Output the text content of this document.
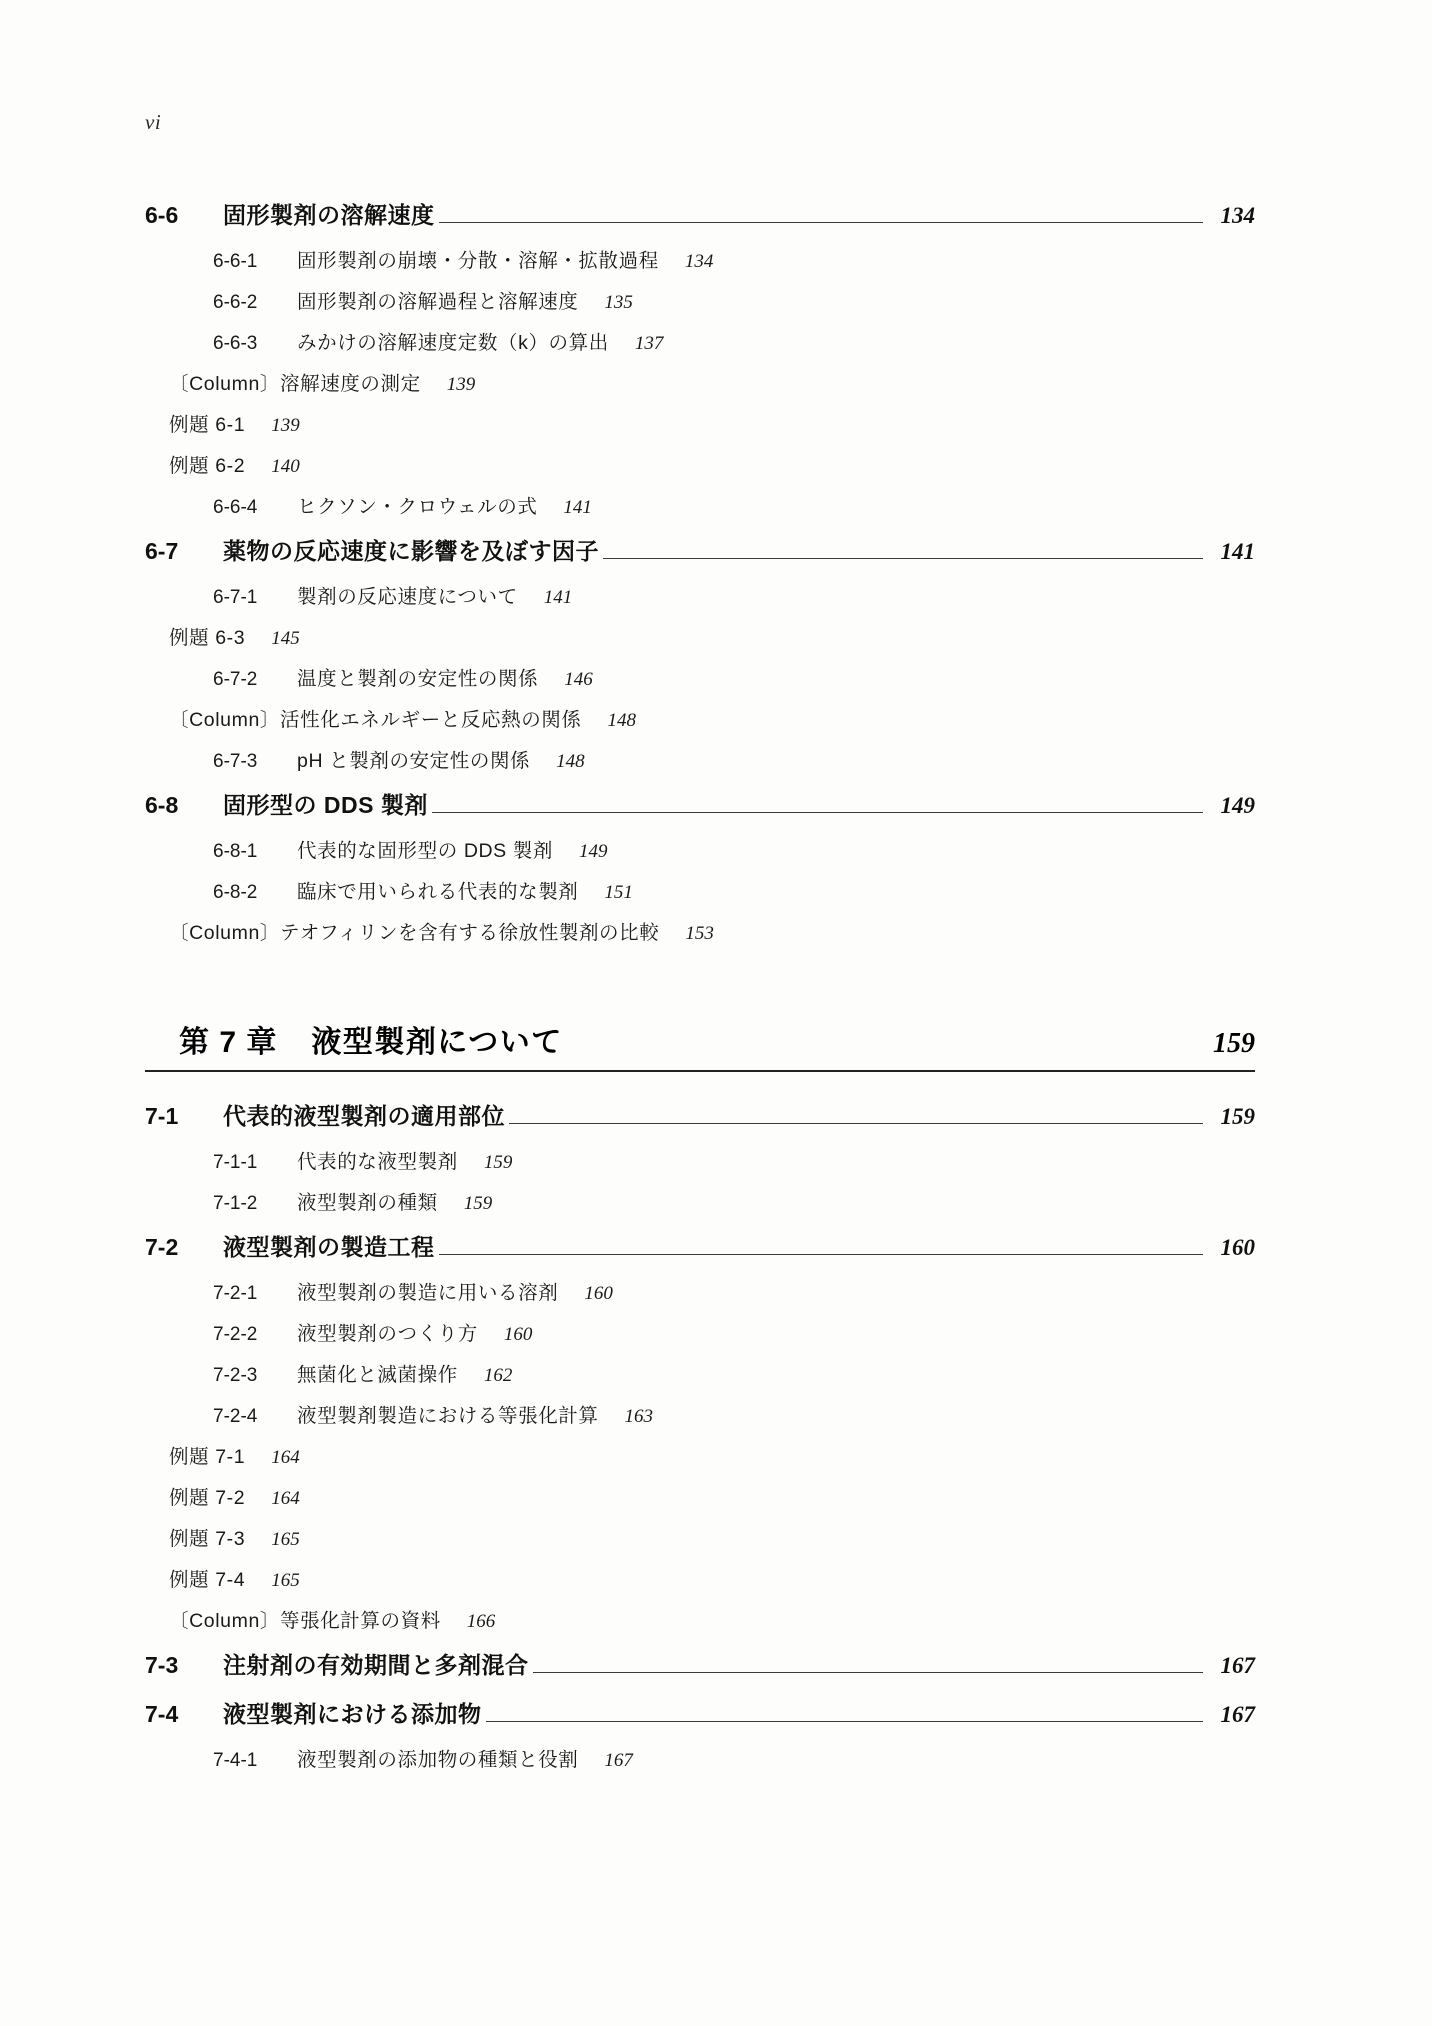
vi
6-6	固形製剤の溶解速度	134
6-6-1	固形製剤の崩壊・分散・溶解・拡散過程 134
6-6-2	固形製剤の溶解過程と溶解速度 135
6-6-3	みかけの溶解速度定数（k）の算出 137
〔Column〕溶解速度の測定 139
例題 6-1 139
例題 6-2 140
6-6-4	ヒクソン・クロウェルの式 141
6-7	薬物の反応速度に影響を及ぼす因子	141
6-7-1	製剤の反応速度について 141
例題 6-3 145
6-7-2	温度と製剤の安定性の関係 146
〔Column〕活性化エネルギーと反応熱の関係 148
6-7-3	pH と製剤の安定性の関係 148
6-8	固形型の DDS 製剤	149
6-8-1	代表的な固形型の DDS 製剤 149
6-8-2	臨床で用いられる代表的な製剤 151
〔Column〕テオフィリンを含有する徐放性製剤の比較 153
第 7 章 液型製剤について	159
7-1	代表的液型製剤の適用部位	159
7-1-1	代表的な液型製剤 159
7-1-2	液型製剤の種類 159
7-2	液型製剤の製造工程	160
7-2-1	液型製剤の製造に用いる溶剤 160
7-2-2	液型製剤のつくり方 160
7-2-3	無菌化と滅菌操作 162
7-2-4	液型製剤製造における等張化計算 163
例題 7-1 164
例題 7-2 164
例題 7-3 165
例題 7-4 165
〔Column〕等張化計算の資料 166
7-3	注射剤の有効期間と多剤混合	167
7-4	液型製剤における添加物	167
7-4-1	液型製剤の添加物の種類と役割 167
